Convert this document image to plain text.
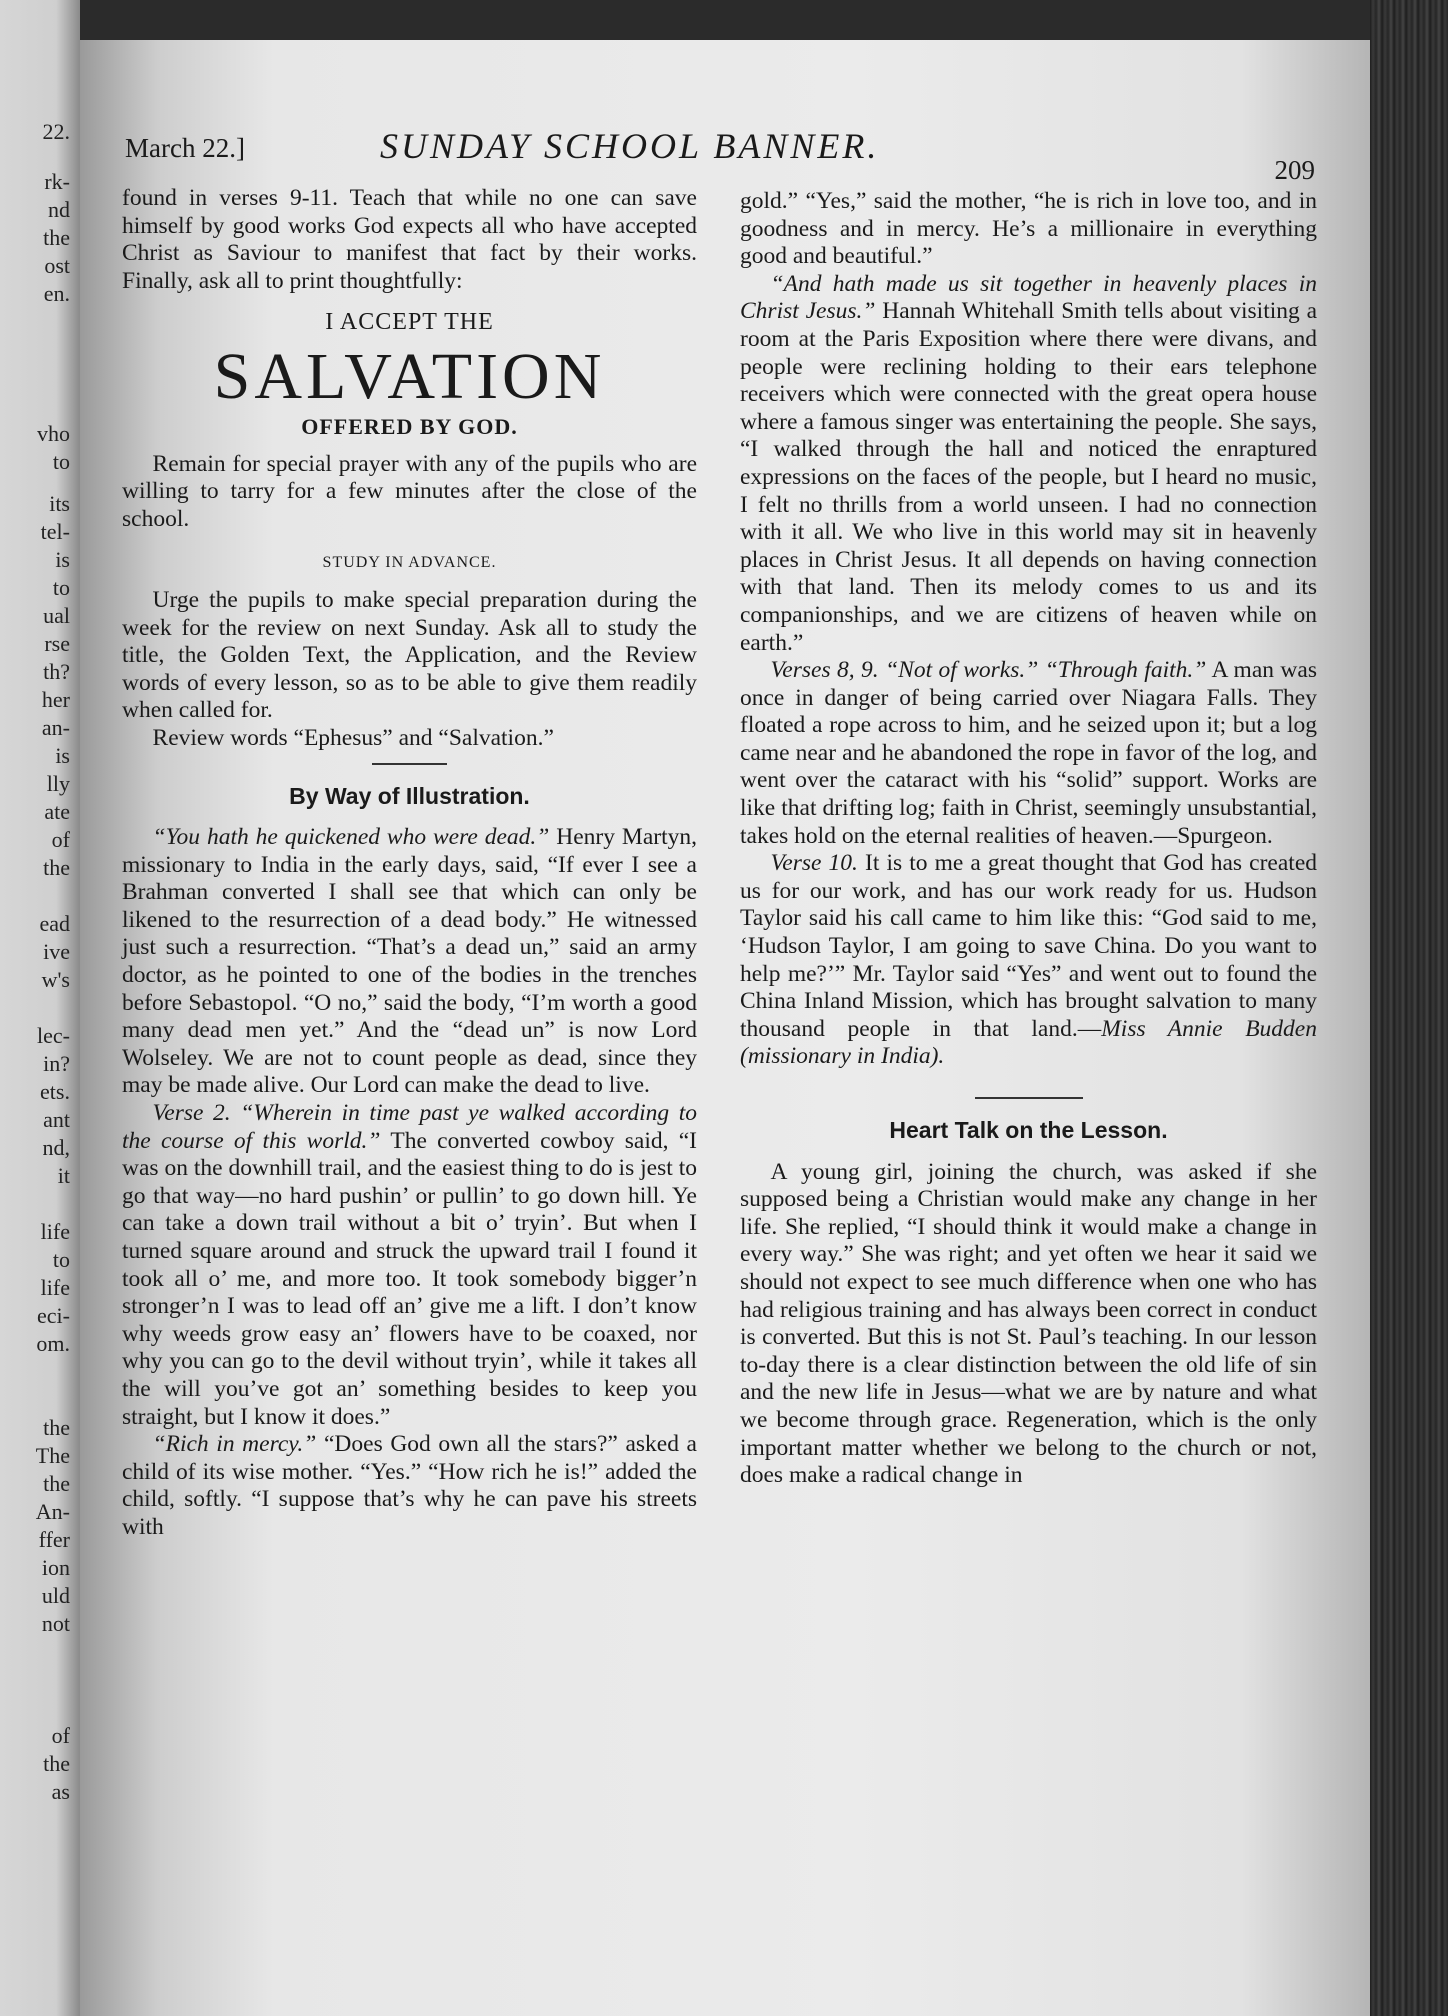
22.
rk-
nd
the
ost
en.
vho
to
its
tel-
is
to
ual
rse
th?
her
an-
is
lly
ate
of
the
ead
ive
w's
lec-
in?
ets.
ant
nd,
it
life
to
life
eci-
om.
the
The
the
An-
ffer
ion
uld
not
of
the
as
March 22.]	SUNDAY SCHOOL BANNER.
209

found in verses 9-11. Teach that while no one can save himself by good works God expects all who have accepted Christ as Saviour to manifest that fact by their works. Finally, ask all to print thoughtfully:

I ACCEPT THE

SALVATION

OFFERED BY GOD.

Remain for special prayer with any of the pupils who are willing to tarry for a few minutes after the close of the school.

STUDY IN ADVANCE.

Urge the pupils to make special preparation during the week for the review on next Sunday. Ask all to study the title, the Golden Text, the Application, and the Review words of every lesson, so as to be able to give them readily when called for.

Review words “Ephesus” and “Salvation.”

By Way of Illustration.

“You hath he quickened who were dead.” Henry Martyn, missionary to India in the early days, said, “If ever I see a Brahman converted I shall see that which can only be likened to the resurrection of a dead body.” He witnessed just such a resurrection. “That’s a dead un,” said an army doctor, as he pointed to one of the bodies in the trenches before Sebastopol. “O no,” said the body, “I’m worth a good many dead men yet.” And the “dead un” is now Lord Wolseley. We are not to count people as dead, since they may be made alive. Our Lord can make the dead to live.

Verse 2. “Wherein in time past ye walked according to the course of this world.” The converted cowboy said, “I was on the downhill trail, and the easiest thing to do is jest to go that way—no hard pushin’ or pullin’ to go down hill. Ye can take a down trail without a bit o’ tryin’. But when I turned square around and struck the upward trail I found it took all o’ me, and more too. It took somebody bigger’n stronger’n I was to lead off an’ give me a lift. I don’t know why weeds grow easy an’ flowers have to be coaxed, nor why you can go to the devil without tryin’, while it takes all the will you’ve got an’ something besides to keep you straight, but I know it does.”

“Rich in mercy.” “Does God own all the stars?” asked a child of its wise mother. “Yes.” “How rich he is!” added the child, softly. “I suppose that’s why he can pave his streets with

gold.” “Yes,” said the mother, “he is rich in love too, and in goodness and in mercy. He’s a millionaire in everything good and beautiful.”

“And hath made us sit together in heavenly places in Christ Jesus.” Hannah Whitehall Smith tells about visiting a room at the Paris Exposition where there were divans, and people were reclining holding to their ears telephone receivers which were connected with the great opera house where a famous singer was entertaining the people. She says, “I walked through the hall and noticed the enraptured expressions on the faces of the people, but I heard no music, I felt no thrills from a world unseen. I had no connection with it all. We who live in this world may sit in heavenly places in Christ Jesus. It all depends on having connection with that land. Then its melody comes to us and its companionships, and we are citizens of heaven while on earth.”

Verses 8, 9. “Not of works.” “Through faith.” A man was once in danger of being carried over Niagara Falls. They floated a rope across to him, and he seized upon it; but a log came near and he abandoned the rope in favor of the log, and went over the cataract with his “solid” support. Works are like that drifting log; faith in Christ, seemingly unsubstantial, takes hold on the eternal realities of heaven.—Spurgeon.

Verse 10. It is to me a great thought that God has created us for our work, and has our work ready for us. Hudson Taylor said his call came to him like this: “God said to me, ‘Hudson Taylor, I am going to save China. Do you want to help me?’” Mr. Taylor said “Yes” and went out to found the China Inland Mission, which has brought salvation to many thousand people in that land.—Miss Annie Budden (missionary in India).

Heart Talk on the Lesson.

A young girl, joining the church, was asked if she supposed being a Christian would make any change in her life. She replied, “I should think it would make a change in every way.” She was right; and yet often we hear it said we should not expect to see much difference when one who has had religious training and has always been correct in conduct is converted. But this is not St. Paul’s teaching. In our lesson to-day there is a clear distinction between the old life of sin and the new life in Jesus—what we are by nature and what we become through grace. Regeneration, which is the only important matter whether we belong to the church or not, does make a radical change in
